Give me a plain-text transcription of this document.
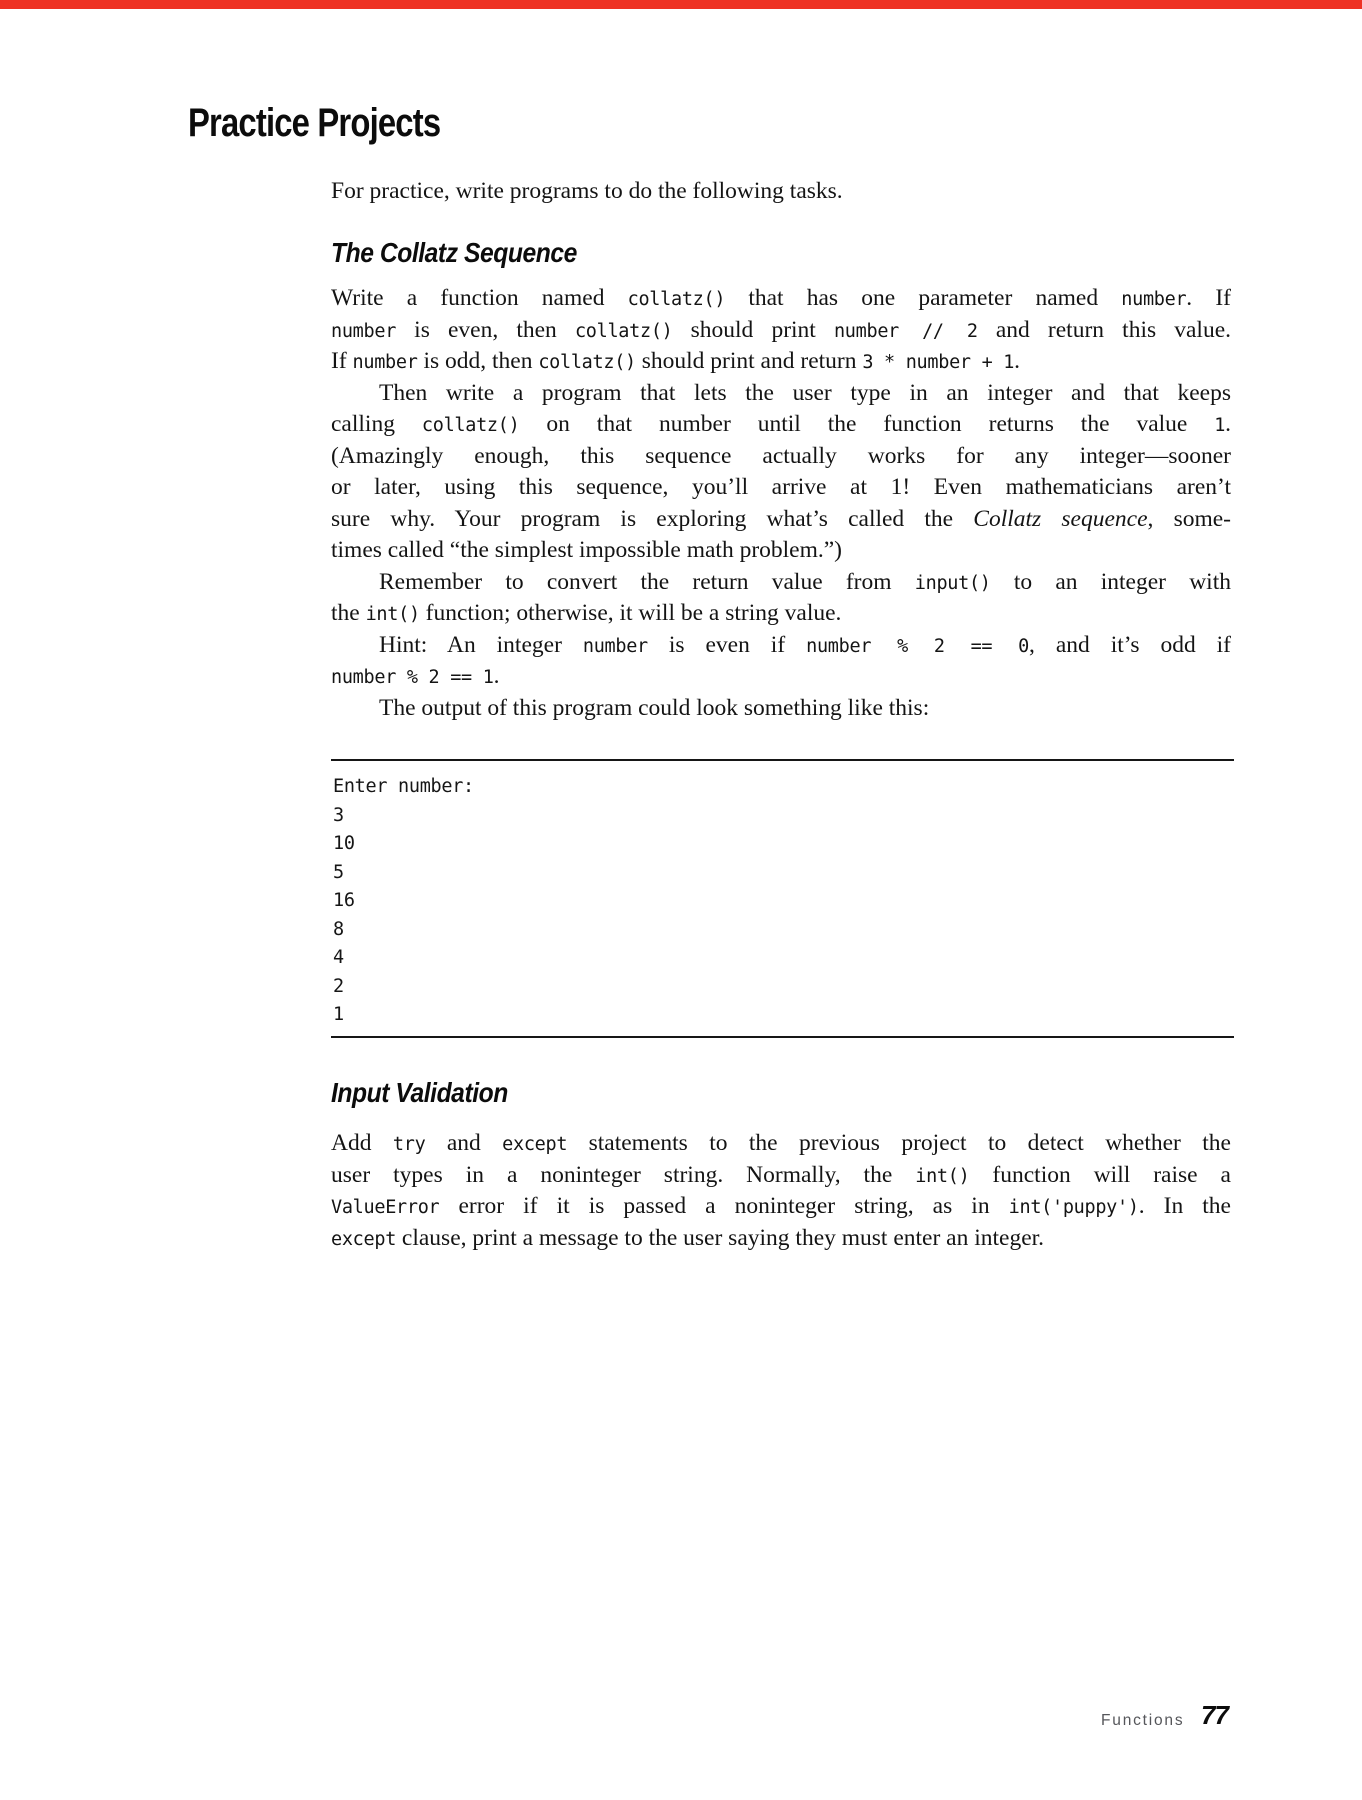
Practice Projects

For practice, write programs to do the following tasks.

The Collatz Sequence
Write a function named collatz() that has one parameter named number. If
number is even, then collatz() should print number // 2 and return this value.
If number is odd, then collatz() should print and return 3 * number + 1.
Then write a program that lets the user type in an integer and that keeps
calling collatz() on that number until the function returns the value 1.
(Amazingly enough, this sequence actually works for any integer—sooner
or later, using this sequence, you’ll arrive at 1! Even mathematicians aren’t
sure why. Your program is exploring what’s called the Collatz sequence, some-
times called “the simplest impossible math problem.”)
Remember to convert the return value from input() to an integer with
the int() function; otherwise, it will be a string value.
Hint: An integer number is even if number % 2 == 0, and it’s odd if
number % 2 == 1.
The output of this program could look something like this:
Enter number:
3
10
5
16
8
4
2
1
Input Validation
Add try and except statements to the previous project to detect whether the
user types in a noninteger string. Normally, the int() function will raise a
ValueError error if it is passed a noninteger string, as in int('puppy'). In the
except clause, print a message to the user saying they must enter an integer.
Functions 77
